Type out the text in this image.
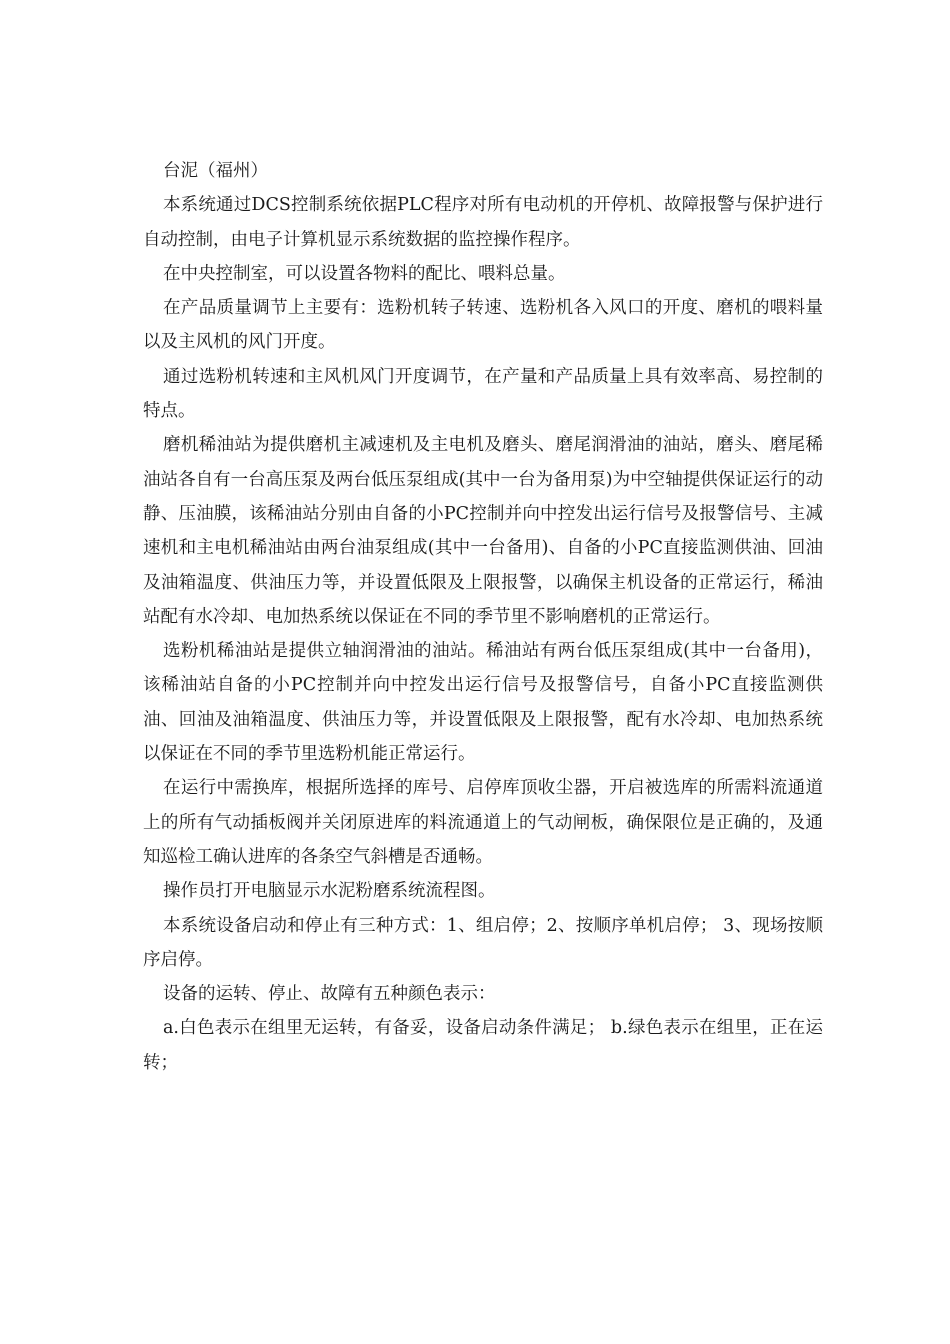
台泥（福州）

本系统通过DCS控制系统依据PLC程序对所有电动机的开停机、故障报警与保护进行自动控制，由电子计算机显示系统数据的监控操作程序。

在中央控制室，可以设置各物料的配比、喂料总量。

在产品质量调节上主要有：选粉机转子转速、选粉机各入风口的开度、磨机的喂料量以及主风机的风门开度。

通过选粉机转速和主风机风门开度调节，在产量和产品质量上具有效率高、易控制的特点。

磨机稀油站为提供磨机主减速机及主电机及磨头、磨尾润滑油的油站，磨头、磨尾稀油站各自有一台高压泵及两台低压泵组成(其中一台为备用泵)为中空轴提供保证运行的动静、压油膜，该稀油站分别由自备的小PC控制并向中控发出运行信号及报警信号、主减速机和主电机稀油站由两台油泵组成(其中一台备用)、自备的小PC直接监测供油、回油及油箱温度、供油压力等，并设置低限及上限报警，以确保主机设备的正常运行，稀油站配有水冷却、电加热系统以保证在不同的季节里不影响磨机的正常运行。

选粉机稀油站是提供立轴润滑油的油站。稀油站有两台低压泵组成(其中一台备用)，该稀油站自备的小PC控制并向中控发出运行信号及报警信号，自备小PC直接监测供油、回油及油箱温度、供油压力等，并设置低限及上限报警，配有水冷却、电加热系统以保证在不同的季节里选粉机能正常运行。

在运行中需换库，根据所选择的库号、启停库顶收尘器，开启被选库的所需料流通道上的所有气动插板阀并关闭原进库的料流通道上的气动闸板，确保限位是正确的，及通知巡检工确认进库的各条空气斜槽是否通畅。

操作员打开电脑显示水泥粉磨系统流程图。

本系统设备启动和停止有三种方式：1、组启停；2、按顺序单机启停； 3、现场按顺序启停。

设备的运转、停止、故障有五种颜色表示：

a.白色表示在组里无运转，有备妥，设备启动条件满足； b.绿色表示在组里，正在运转；
